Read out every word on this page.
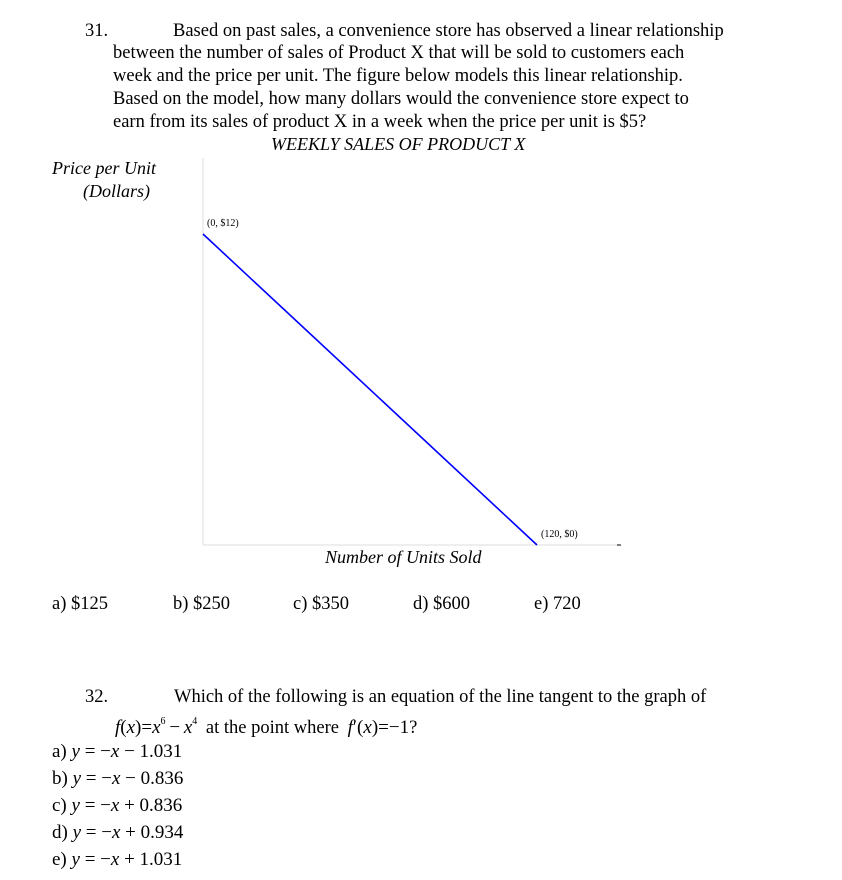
31.	Based on past sales, a convenience store has observed a linear relationship
between the number of sales of Product X that will be sold to customers each
week and the price per unit. The figure below models this linear relationship.
Based on the model, how many dollars would the convenience store expect to
earn from its sales of product X in a week when the price per unit is $5?
WEEKLY SALES OF PRODUCT X
Price per Unit
(Dollars)
(0, $12)
(120, $0)
Number of Units Sold
a) $125	b) $250	c) $350	d) $600	e) 720
32.	Which of the following is an equation of the line tangent to the graph of
$f(x)=x^6 - x^4$ at the point where f′(x)=−1?
a) y = −x − 1.031
b) y = −x − 0.836
c) y = −x + 0.836
d) y = −x + 0.934
e) y = −x + 1.031
